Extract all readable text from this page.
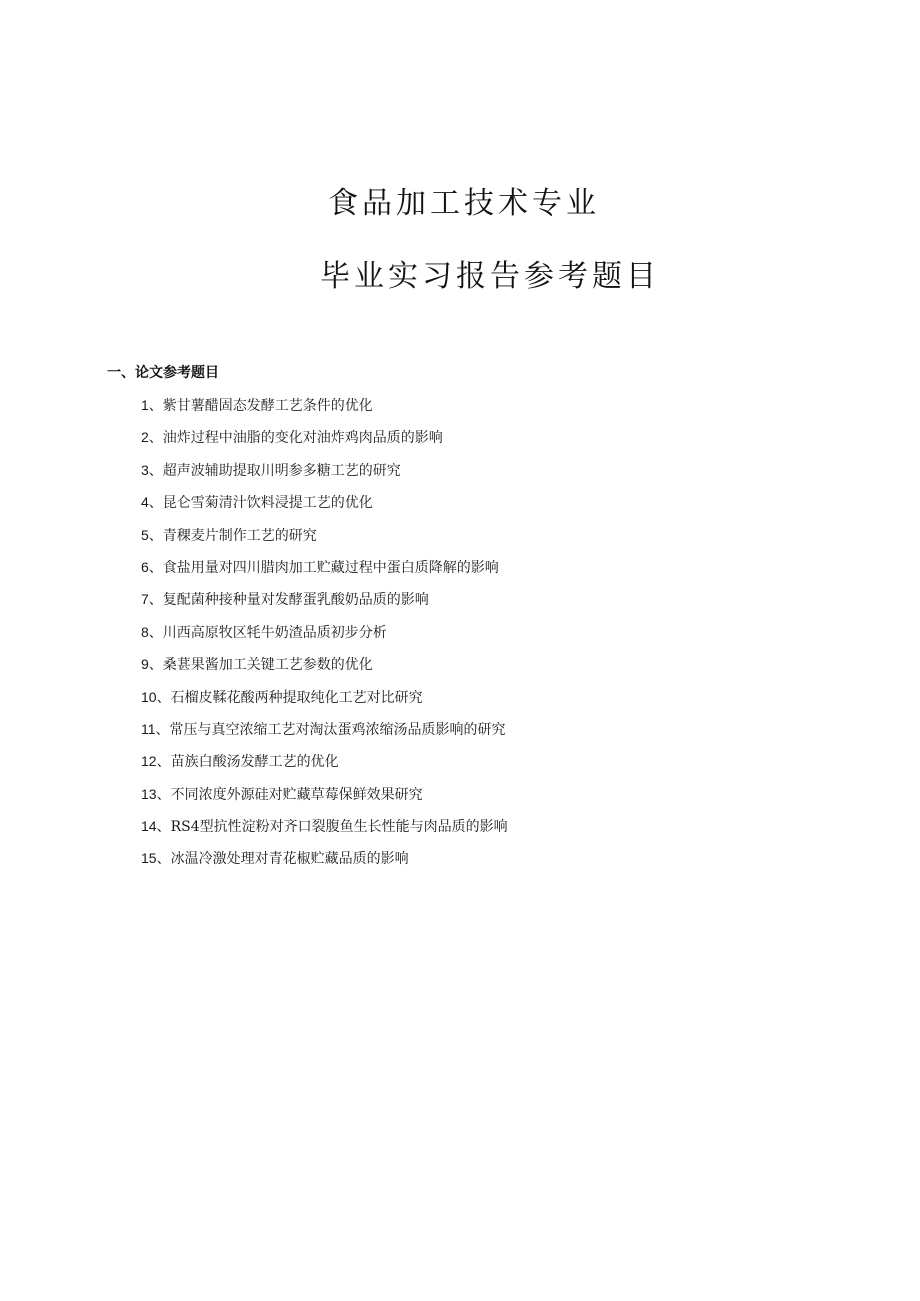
食品加工技术专业
毕业实习报告参考题目
一、论文参考题目
1、紫甘薯醋固态发酵工艺条件的优化
2、油炸过程中油脂的变化对油炸鸡肉品质的影响
3、超声波辅助提取川明参多糖工艺的研究
4、昆仑雪菊清汁饮料浸提工艺的优化
5、青稞麦片制作工艺的研究
6、食盐用量对四川腊肉加工贮藏过程中蛋白质降解的影响
7、复配菌种接种量对发酵蛋乳酸奶品质的影响
8、川西高原牧区牦牛奶渣品质初步分析
9、桑葚果酱加工关键工艺参数的优化
10、石榴皮鞣花酸两种提取纯化工艺对比研究
11、常压与真空浓缩工艺对淘汰蛋鸡浓缩汤品质影响的研究
12、苗族白酸汤发酵工艺的优化
13、不同浓度外源硅对贮藏草莓保鲜效果研究
14、RS4型抗性淀粉对齐口裂腹鱼生长性能与肉品质的影响
15、冰温冷激处理对青花椒贮藏品质的影响
